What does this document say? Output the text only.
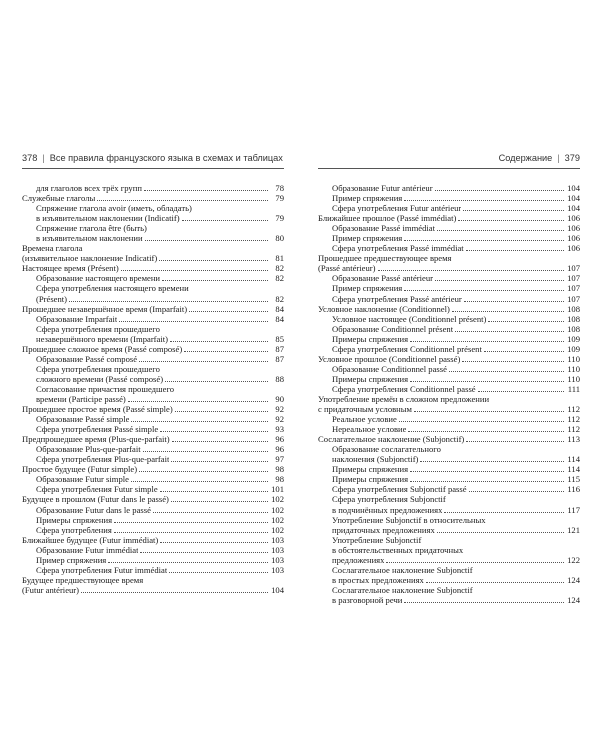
378 | Все правила французского языка в схемах и таблицах
для глаголов всех трёх групп	78
Служебные глаголы	79
Спряжение глагола avoir (иметь, обладать)
в изъявительном наклонении (Indicatif)	79
Спряжение глагола être (быть)
в изъявительном наклонении	80
Времена глагола
(изъявительное наклонение Indicatif)	81
Настоящее время (Présent)	82
Образование настоящего времени	82
Сфера употребления настоящего времени
(Présent)	82
Прошедшее незавершённое время (Imparfait)	84
Образование Imparfait	84
Сфера употребления прошедшего
незавершённого времени (Imparfait)	85
Прошедшее сложное время (Passé composé)	87
Образование Passé composé	87
Сфера употребления прошедшего
сложного времени (Passé composé)	88
Согласование причастия прошедшего
времени (Participe passé)	90
Прошедшее простое время (Passé simple)	92
Образование Passé simple	92
Сфера употребления Passé simple	93
Предпрошедшее время (Plus-que-parfait)	96
Образование Plus-que-parfait	96
Сфера употребления Plus-que-parfait	97
Простое будущее (Futur simple)	98
Образование Futur simple	98
Сфера употребления Futur simple	101
Будущее в прошлом (Futur dans le passé)	102
Образование Futur dans le passé	102
Примеры спряжения	102
Сфера употребления	102
Ближайшее будущее (Futur immédiat)	103
Образование Futur immédiat	103
Пример спряжения	103
Сфера употребления Futur immédiat	103
Будущее предшествующее время
(Futur antérieur)	104
Содержание | 379
Образование Futur antérieur	104
Пример спряжения	104
Сфера употребления Futur antérieur	104
Ближайшее прошлое (Passé immédiat)	106
Образование Passé immédiat	106
Пример спряжения	106
Сфера употребления Passé immédiat	106
Прошедшее предшествующее время
(Passé antérieur)	107
Образование Passé antérieur	107
Пример спряжения	107
Сфера употребления Passé antérieur	107
Условное наклонение (Conditionnel)	108
Условное настоящее (Conditionnel présent)	108
Образование Conditionnel présent	108
Примеры спряжения	109
Сфера употребления Conditionnel présent	109
Условное прошлое (Conditionnel passé)	110
Образование Conditionnel passé	110
Примеры спряжения	110
Сфера употребления Conditionnel passé	111
Употребление времён в сложном предложении
с придаточным условным	112
Реальное условие	112
Нереальное условие	112
Сослагательное наклонение (Subjonctif)	113
Образование сослагательного
наклонения (Subjonctif)	114
Примеры спряжения	114
Примеры спряжения	115
Сфера употребления Subjonctif passé	116
Сфера употребления Subjonctif
в подчинённых предложениях	117
Употребление Subjonctif в относительных
придаточных предложениях	121
Употребление Subjonctif
в обстоятельственных придаточных
предложениях	122
Сослагательное наклонение Subjonctif
в простых предложениях	124
Сослагательное наклонение Subjonctif
в разговорной речи	124
